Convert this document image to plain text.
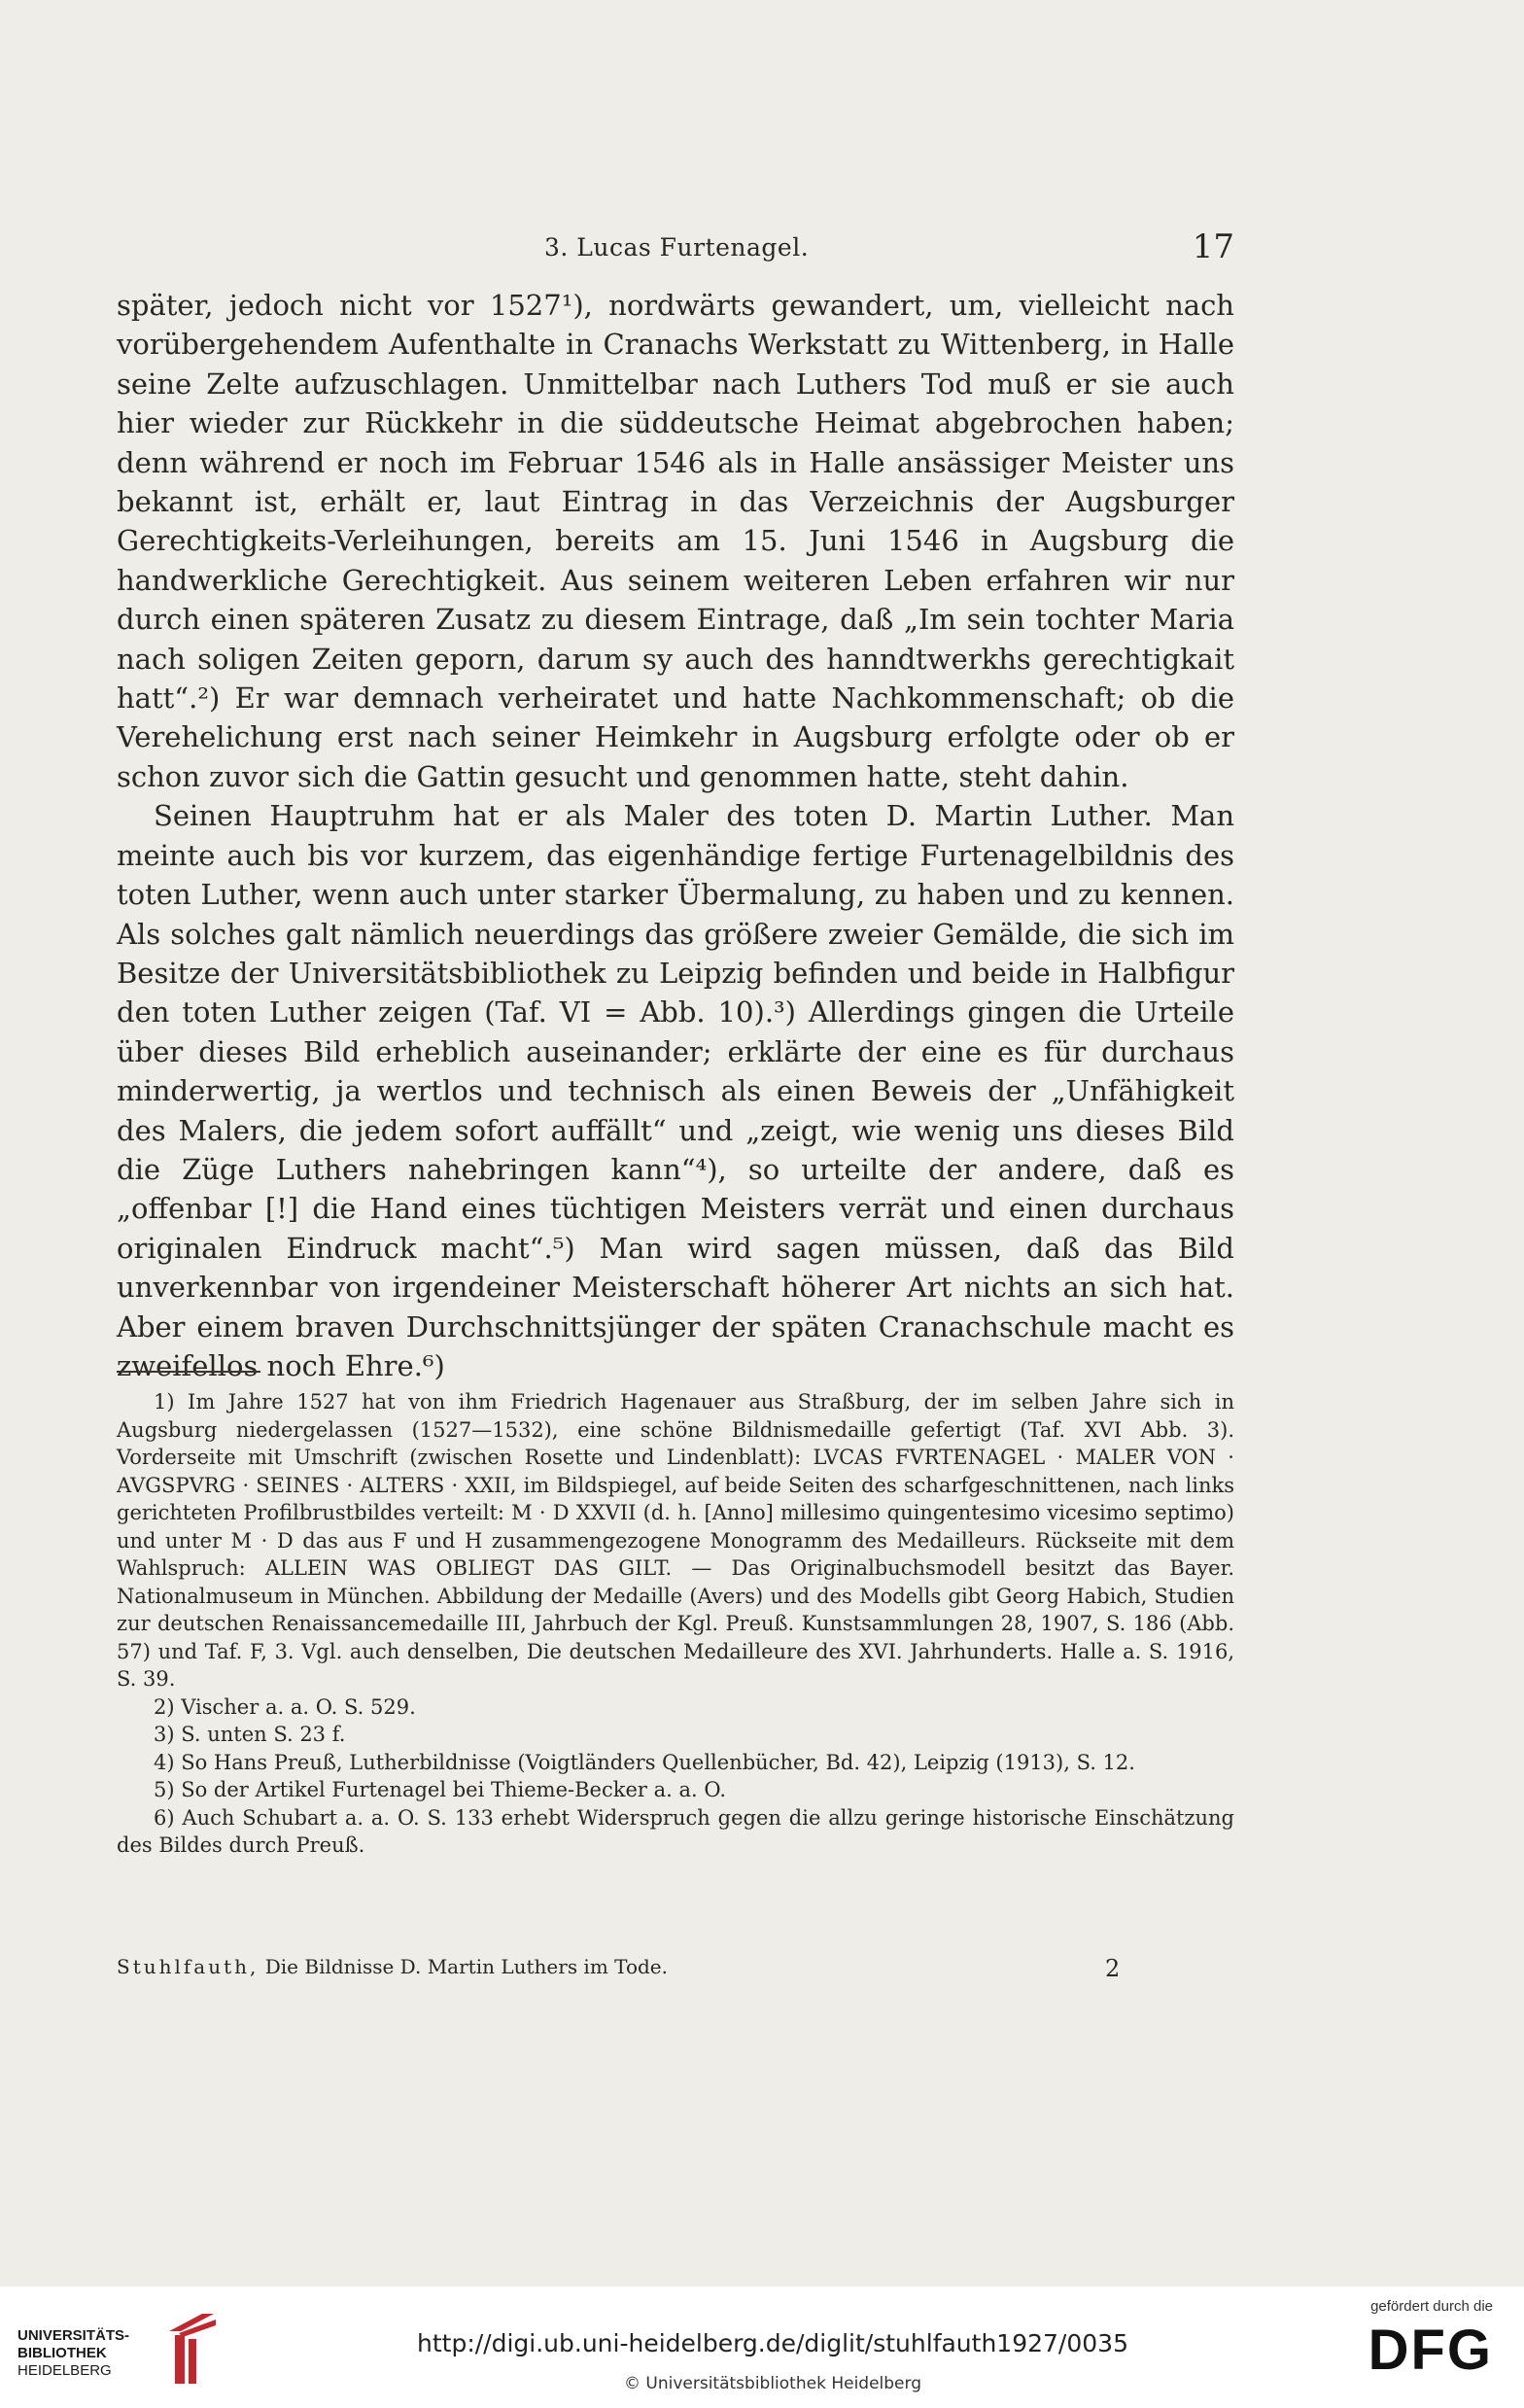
3. Lucas Furtenagel.	17

später, jedoch nicht vor 1527¹), nordwärts gewandert, um, vielleicht nach vorübergehendem Aufenthalte in Cranachs Werkstatt zu Wittenberg, in Halle seine Zelte aufzuschlagen. Unmittelbar nach Luthers Tod muß er sie auch hier wieder zur Rückkehr in die süddeutsche Heimat abgebrochen haben; denn während er noch im Februar 1546 als in Halle ansässiger Meister uns bekannt ist, erhält er, laut Eintrag in das Verzeichnis der Augsburger Gerechtigkeits-Verleihungen, bereits am 15. Juni 1546 in Augsburg die handwerkliche Gerechtigkeit. Aus seinem weiteren Leben erfahren wir nur durch einen späteren Zusatz zu diesem Eintrage, daß „Im sein tochter Maria nach soligen Zeiten geporn, darum sy auch des hanndtwerkhs gerechtigkait hatt“.²) Er war demnach verheiratet und hatte Nachkommenschaft; ob die Verehelichung erst nach seiner Heimkehr in Augsburg erfolgte oder ob er schon zuvor sich die Gattin gesucht und genommen hatte, steht dahin.

Seinen Hauptruhm hat er als Maler des toten D. Martin Luther. Man meinte auch bis vor kurzem, das eigenhändige fertige Furtenagelbildnis des toten Luther, wenn auch unter starker Übermalung, zu haben und zu kennen. Als solches galt nämlich neuerdings das größere zweier Gemälde, die sich im Besitze der Universitätsbibliothek zu Leipzig befinden und beide in Halbfigur den toten Luther zeigen (Taf. VI = Abb. 10).³) Allerdings gingen die Urteile über dieses Bild erheblich auseinander; erklärte der eine es für durchaus minderwertig, ja wertlos und technisch als einen Beweis der „Unfähigkeit des Malers, die jedem sofort auffällt“ und „zeigt, wie wenig uns dieses Bild die Züge Luthers nahebringen kann“⁴), so urteilte der andere, daß es „offenbar [!] die Hand eines tüchtigen Meisters verrät und einen durchaus originalen Eindruck macht“.⁵) Man wird sagen müssen, daß das Bild unverkennbar von irgendeiner Meisterschaft höherer Art nichts an sich hat. Aber einem braven Durchschnittsjünger der späten Cranachschule macht es zweifellos noch Ehre.⁶)

1) Im Jahre 1527 hat von ihm Friedrich Hagenauer aus Straßburg, der im selben Jahre sich in Augsburg niedergelassen (1527—1532), eine schöne Bildnismedaille gefertigt (Taf. XVI Abb. 3). Vorderseite mit Umschrift (zwischen Rosette und Lindenblatt): LVCAS FVRTENAGEL · MALER VON · AVGSPVRG · SEINES · ALTERS · XXII, im Bildspiegel, auf beide Seiten des scharfgeschnittenen, nach links gerichteten Profilbrustbildes verteilt: M · D XXVII (d. h. [Anno] millesimo quingentesimo vicesimo septimo) und unter M · D das aus F und H zusammengezogene Monogramm des Medailleurs. Rückseite mit dem Wahlspruch: ALLEIN WAS OBLIEGT DAS GILT. — Das Originalbuchsmodell besitzt das Bayer. Nationalmuseum in München. Abbildung der Medaille (Avers) und des Modells gibt Georg Habich, Studien zur deutschen Renaissancemedaille III, Jahrbuch der Kgl. Preuß. Kunstsammlungen 28, 1907, S. 186 (Abb. 57) und Taf. F, 3. Vgl. auch denselben, Die deutschen Medailleure des XVI. Jahrhunderts. Halle a. S. 1916, S. 39.

2) Vischer a. a. O. S. 529.

3) S. unten S. 23 f.

4) So Hans Preuß, Lutherbildnisse (Voigtländers Quellenbücher, Bd. 42), Leipzig (1913), S. 12.

5) So der Artikel Furtenagel bei Thieme-Becker a. a. O.

6) Auch Schubart a. a. O. S. 133 erhebt Widerspruch gegen die allzu geringe historische Einschätzung des Bildes durch Preuß.

Stuhlfauth, Die Bildnisse D. Martin Luthers im Tode.	2
UNIVERSITÄTS-
BIBLIOTHEK
HEIDELBERG
http://digi.ub.uni-heidelberg.de/diglit/stuhlfauth1927/0035
© Universitätsbibliothek Heidelberg
gefördert durch die
DFG
